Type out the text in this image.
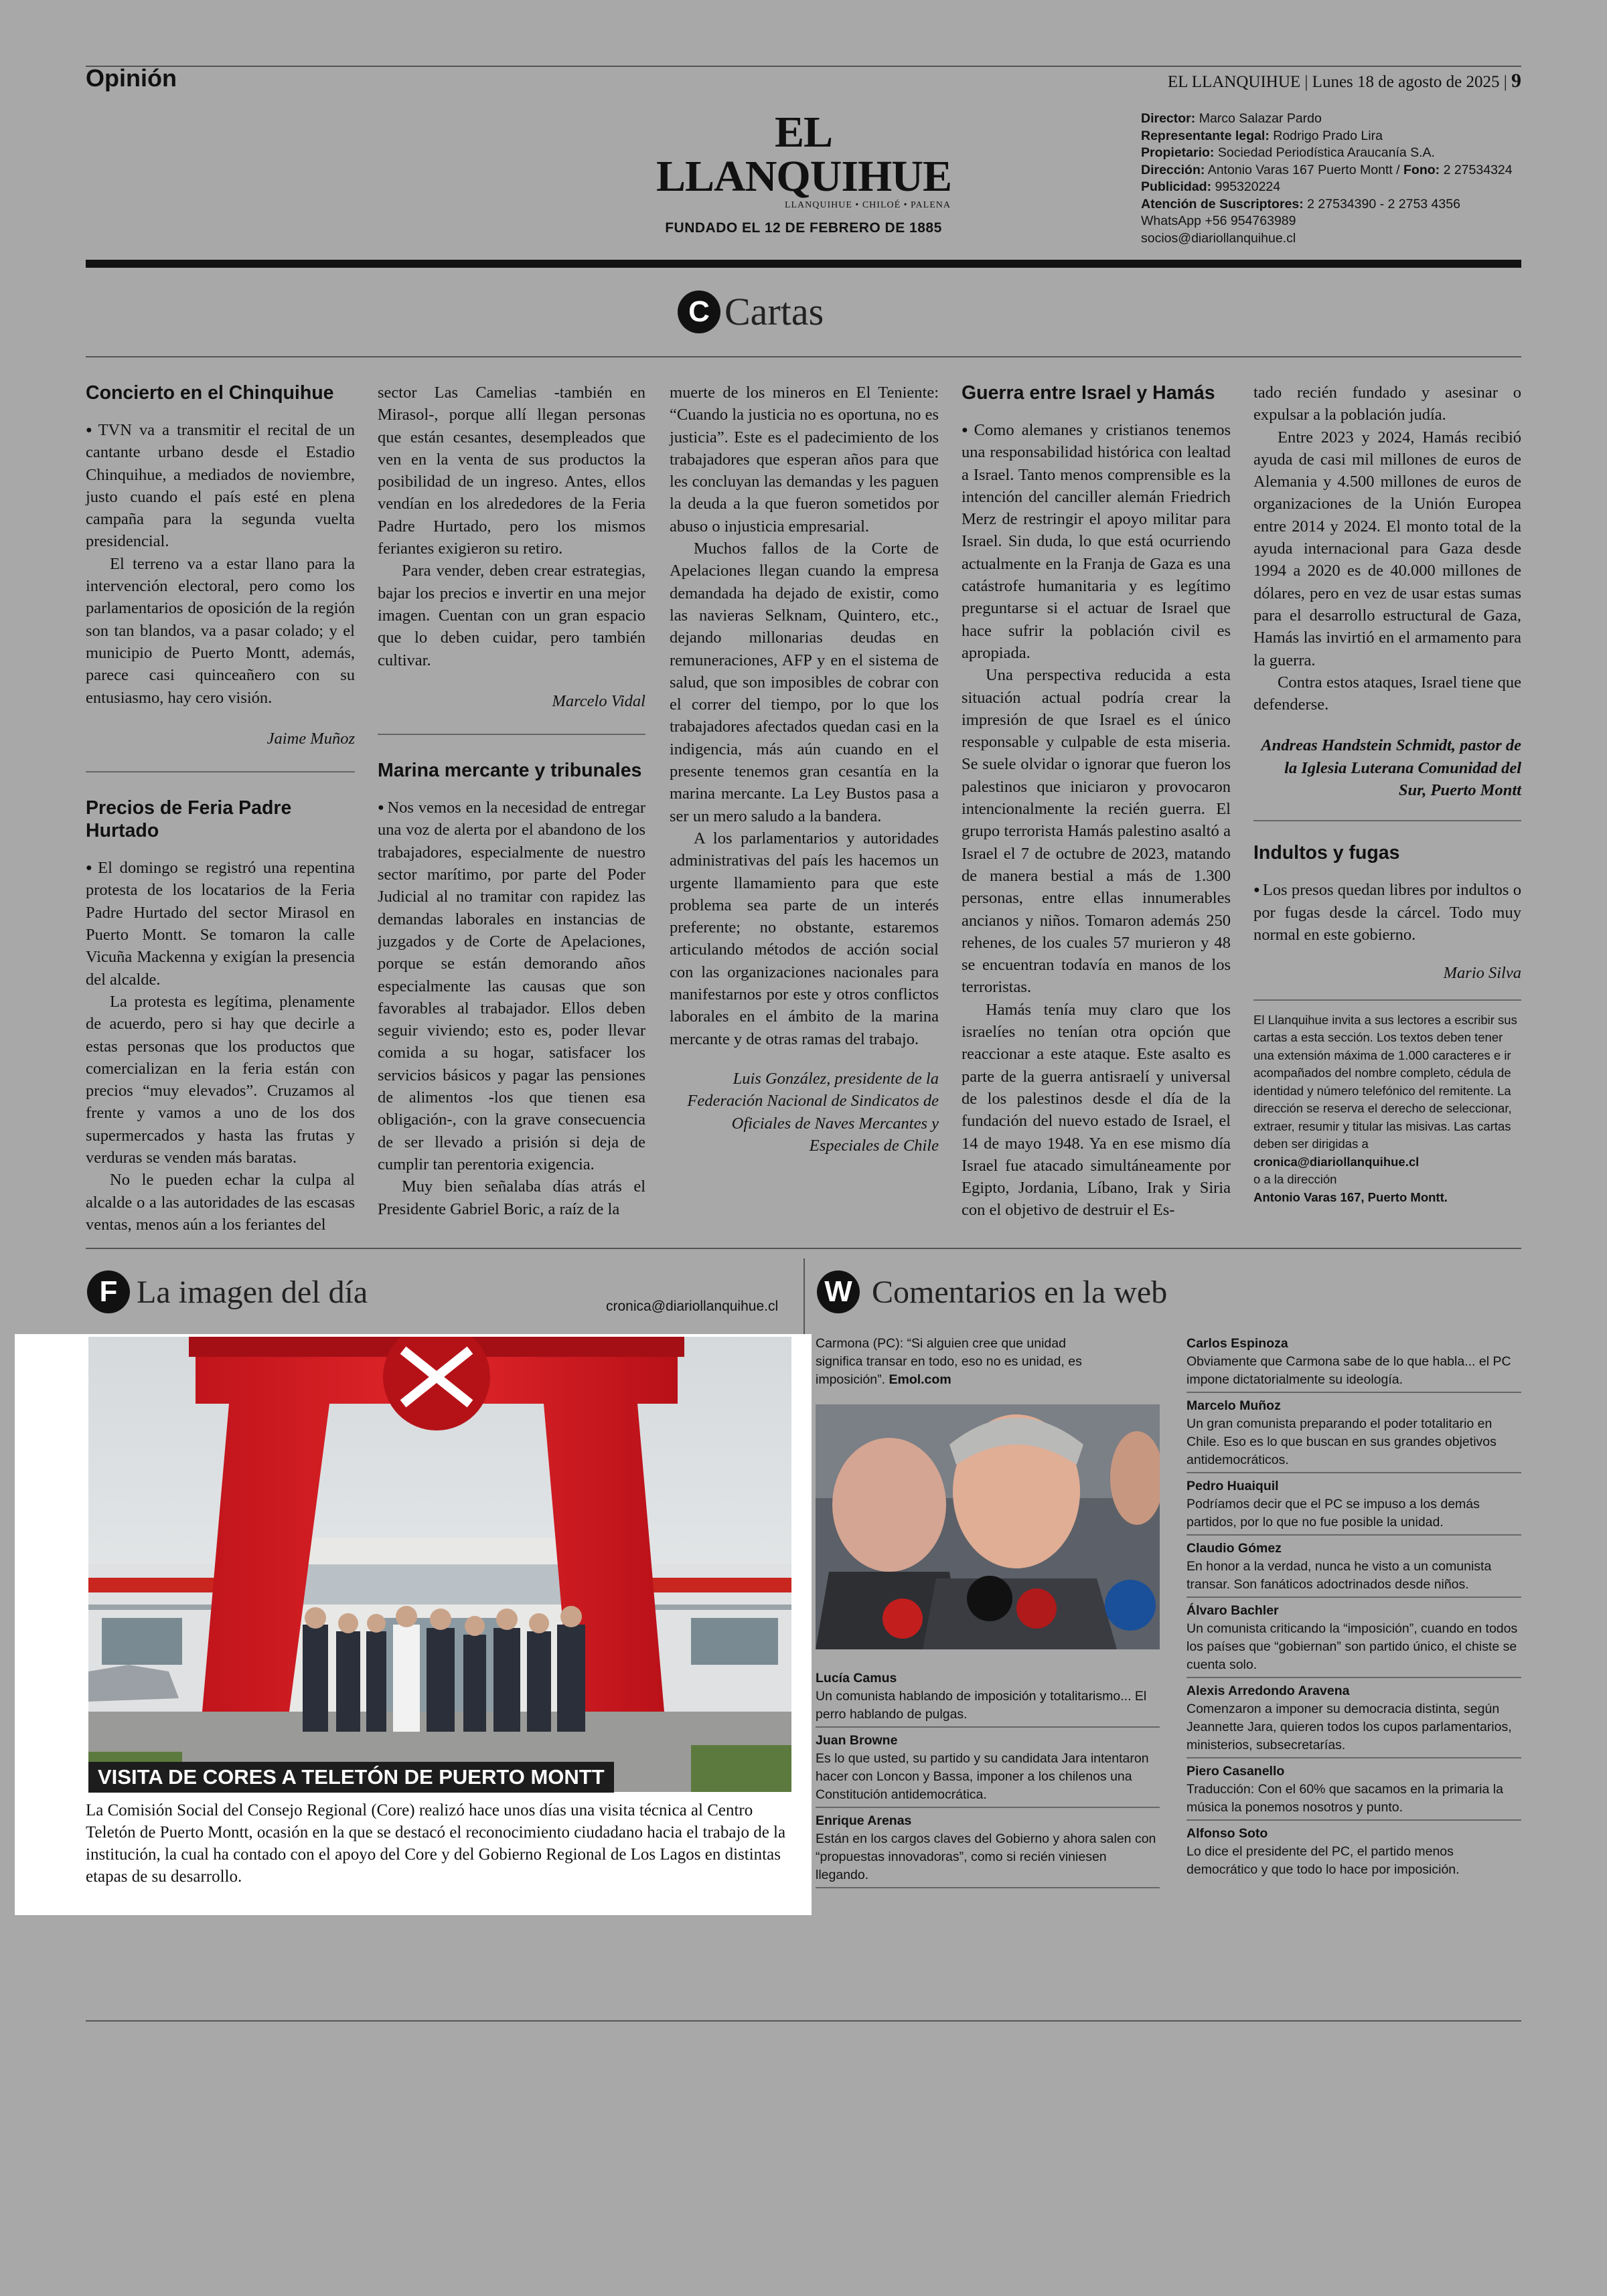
Opinión	EL LLANQUIHUE | Lunes 18 de agosto de 2025 | 9
EL LLANQUIHUE
LLANQUIHUE • CHILOÉ • PALENA
FUNDADO EL 12 DE FEBRERO DE 1885
Director: Marco Salazar Pardo
Representante legal: Rodrigo Prado Lira
Propietario: Sociedad Periodística Araucanía S.A.
Dirección: Antonio Varas 167 Puerto Montt / Fono: 2 27534324
Publicidad: 995320224
Atención de Suscriptores: 2 27534390 - 2 2753 4356
WhatsApp +56 954763989
socios@diariollanquihue.cl
C Cartas
Concierto en el Chinquihue

● TVN va a transmitir el recital de un cantante urbano desde el Estadio Chinquihue, a mediados de noviembre, justo cuando el país esté en plena campaña para la segunda vuelta presidencial.

El terreno va a estar llano para la intervención electoral, pero como los parlamentarios de oposición de la región son tan blandos, va a pasar colado; y el municipio de Puerto Montt, además, parece casi quinceañero con su entusiasmo, hay cero visión.

Jaime Muñoz

Precios de Feria Padre Hurtado

● El domingo se registró una repentina protesta de los locatarios de la Feria Padre Hurtado del sector Mirasol en Puerto Montt. Se tomaron la calle Vicuña Mackenna y exigían la presencia del alcalde.

La protesta es legítima, plenamente de acuerdo, pero si hay que decirle a estas personas que los productos que comercializan en la feria están con precios “muy elevados”. Cruzamos al frente y vamos a uno de los dos supermercados y hasta las frutas y verduras se venden más baratas.

No le pueden echar la culpa al alcalde o a las autoridades de las escasas ventas, menos aún a los feriantes del

sector Las Camelias -también en Mirasol-, porque allí llegan personas que están cesantes, desempleados que ven en la venta de sus productos la posibilidad de un ingreso. Antes, ellos vendían en los alrededores de la Feria Padre Hurtado, pero los mismos feriantes exigieron su retiro.

Para vender, deben crear estrategias, bajar los precios e invertir en una mejor imagen. Cuentan con un gran espacio que lo deben cuidar, pero también cultivar.

Marcelo Vidal

Marina mercante y tribunales

● Nos vemos en la necesidad de entregar una voz de alerta por el abandono de los trabajadores, especialmente de nuestro sector marítimo, por parte del Poder Judicial al no tramitar con rapidez las demandas laborales en instancias de juzgados y de Corte de Apelaciones, porque se están demorando años especialmente las causas que son favorables al trabajador. Ellos deben seguir viviendo; esto es, poder llevar comida a su hogar, satisfacer los servicios básicos y pagar las pensiones de alimentos -los que tienen esa obligación-, con la grave consecuencia de ser llevado a prisión si deja de cumplir tan perentoria exigencia.

Muy bien señalaba días atrás el Presidente Gabriel Boric, a raíz de la

muerte de los mineros en El Teniente: “Cuando la justicia no es oportuna, no es justicia”. Este es el padecimiento de los trabajadores que esperan años para que les concluyan las demandas y les paguen la deuda a la que fueron sometidos por abuso o injusticia empresarial.

Muchos fallos de la Corte de Apelaciones llegan cuando la empresa demandada ha dejado de existir, como las navieras Selknam, Quintero, etc., dejando millonarias deudas en remuneraciones, AFP y en el sistema de salud, que son imposibles de cobrar con el correr del tiempo, por lo que los trabajadores afectados quedan casi en la indigencia, más aún cuando en el presente tenemos gran cesantía en la marina mercante. La Ley Bustos pasa a ser un mero saludo a la bandera.

A los parlamentarios y autoridades administrativas del país les hacemos un urgente llamamiento para que este problema sea parte de un interés preferente; no obstante, estaremos articulando métodos de acción social con las organizaciones nacionales para manifestarnos por este y otros conflictos laborales en el ámbito de la marina mercante y de otras ramas del trabajo.

Luis González, presidente de la Federación Nacional de Sindicatos de Oficiales de Naves Mercantes y Especiales de Chile

Guerra entre Israel y Hamás

● Como alemanes y cristianos tenemos una responsabilidad histórica con lealtad a Israel. Tanto menos comprensible es la intención del canciller alemán Friedrich Merz de restringir el apoyo militar para Israel. Sin duda, lo que está ocurriendo actualmente en la Franja de Gaza es una catástrofe humanitaria y es legítimo preguntarse si el actuar de Israel que hace sufrir la población civil es apropiada.

Una perspectiva reducida a esta situación actual podría crear la impresión de que Israel es el único responsable y culpable de esta miseria. Se suele olvidar o ignorar que fueron los palestinos que iniciaron y provocaron intencionalmente la recién guerra. El grupo terrorista Hamás palestino asaltó a Israel el 7 de octubre de 2023, matando de manera bestial a más de 1.300 personas, entre ellas innumerables ancianos y niños. Tomaron además 250 rehenes, de los cuales 57 murieron y 48 se encuentran todavía en manos de los terroristas.

Hamás tenía muy claro que los israelíes no tenían otra opción que reaccionar a este ataque. Este asalto es parte de la guerra antisraelí y universal de los palestinos desde el día de la fundación del nuevo estado de Israel, el 14 de mayo 1948. Ya en ese mismo día Israel fue atacado simultáneamente por Egipto, Jordania, Líbano, Irak y Siria con el objetivo de destruir el Es-

tado recién fundado y asesinar o expulsar a la población judía.

Entre 2023 y 2024, Hamás recibió ayuda de casi mil millones de euros de Alemania y 4.500 millones de euros de organizaciones de la Unión Europea entre 2014 y 2024. El monto total de la ayuda internacional para Gaza desde 1994 a 2020 es de 40.000 millones de dólares, pero en vez de usar estas sumas para el desarrollo estructural de Gaza, Hamás las invirtió en el armamento para la guerra.

Contra estos ataques, Israel tiene que defenderse.

Andreas Handstein Schmidt, pastor de la Iglesia Luterana Comunidad del Sur, Puerto Montt

Indultos y fugas

● Los presos quedan libres por indultos o por fugas desde la cárcel. Todo muy normal en este gobierno.

Mario Silva

El Llanquihue invita a sus lectores a escribir sus cartas a esta sección. Los textos deben tener una extensión máxima de 1.000 caracteres e ir acompañados del nombre completo, cédula de identidad y número telefónico del remitente. La dirección se reserva el derecho de seleccionar, extraer, resumir y titular las misivas. Las cartas deben ser dirigidas a

cronica@diariollanquihue.cl

o a la dirección

Antonio Varas 167, Puerto Montt.

F La imagen del día	cronica@diariollanquihue.cl
VISITA DE CORES A TELETÓN DE PUERTO MONTT
La Comisión Social del Consejo Regional (Core) realizó hace unos días una visita técnica al Centro Teletón de Puerto Montt, ocasión en la que se destacó el reconocimiento ciudadano hacia el trabajo de la institución, la cual ha contado con el apoyo del Core y del Gobierno Regional de Los Lagos en distintas etapas de su desarrollo.
W Comentarios en la web
Carmona (PC): “Si alguien cree que unidad significa transar en todo, eso no es unidad, es imposición”. Emol.com
Lucía Camus
Un comunista hablando de imposición y totalitarismo... El perro hablando de pulgas.
Juan Browne
Es lo que usted, su partido y su candidata Jara intentaron hacer con Loncon y Bassa, imponer a los chilenos una Constitución antidemocrática.
Enrique Arenas
Están en los cargos claves del Gobierno y ahora salen con “propuestas innovadoras”, como si recién viniesen llegando.
Carlos Espinoza
Obviamente que Carmona sabe de lo que habla... el PC impone dictatorialmente su ideología.
Marcelo Muñoz
Un gran comunista preparando el poder totalitario en Chile. Eso es lo que buscan en sus grandes objetivos antidemocráticos.
Pedro Huaiquil
Podríamos decir que el PC se impuso a los demás partidos, por lo que no fue posible la unidad.
Claudio Gómez
En honor a la verdad, nunca he visto a un comunista transar. Son fanáticos adoctrinados desde niños.
Álvaro Bachler
Un comunista criticando la “imposición”, cuando en todos los países que “gobiernan” son partido único, el chiste se cuenta solo.
Alexis Arredondo Aravena
Comenzaron a imponer su democracia distinta, según Jeannette Jara, quieren todos los cupos parlamentarios, ministerios, subsecretarías.
Piero Casanello
Traducción: Con el 60% que sacamos en la primaria la música la ponemos nosotros y punto.
Alfonso Soto
Lo dice el presidente del PC, el partido menos democrático y que todo lo hace por imposición.
